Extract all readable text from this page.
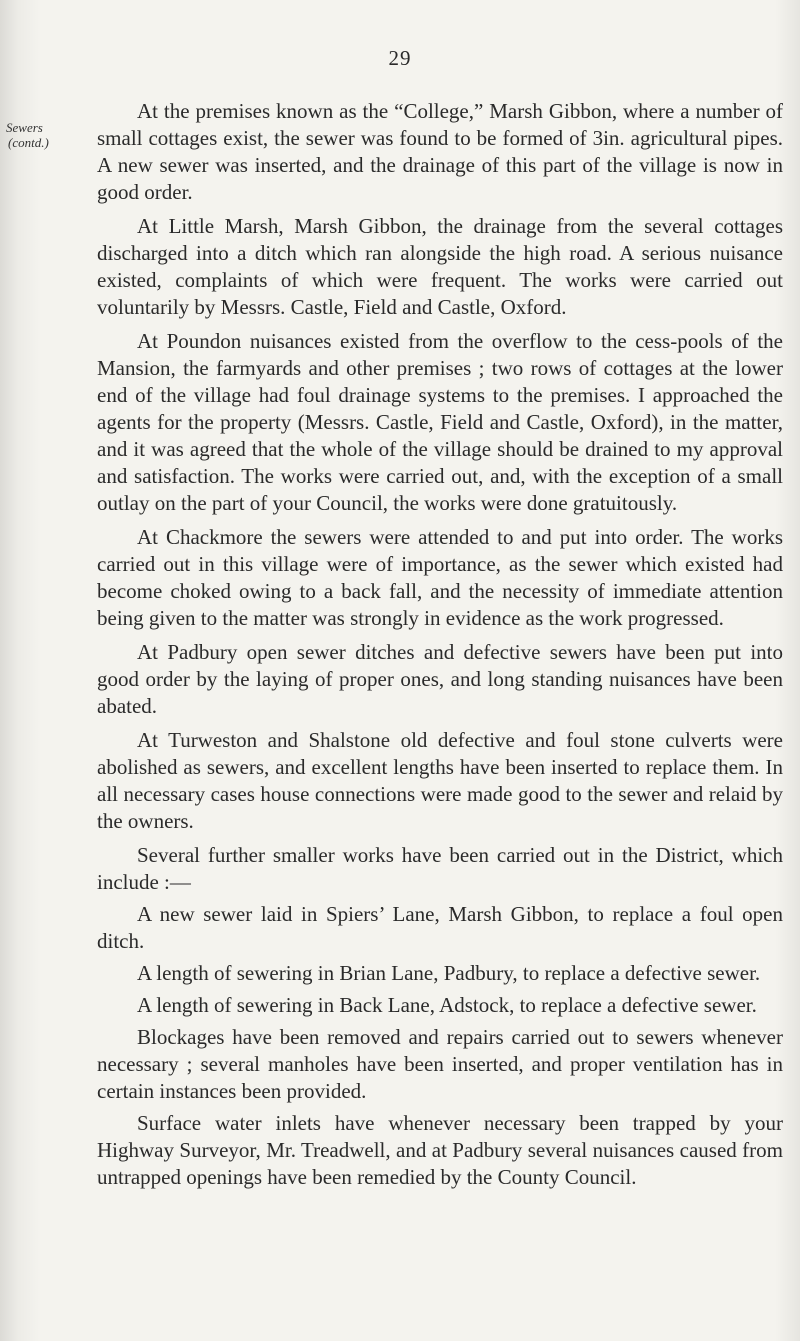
29
Sewers
(contd.)

At the premises known as the “College,” Marsh Gibbon, where a number of small cottages exist, the sewer was found to be formed of 3in. agricultural pipes. A new sewer was inserted, and the drainage of this part of the village is now in good order.

At Little Marsh, Marsh Gibbon, the drainage from the several cottages discharged into a ditch which ran alongside the high road. A serious nuisance existed, complaints of which were frequent. The works were carried out voluntarily by Messrs. Castle, Field and Castle, Oxford.

At Poundon nuisances existed from the overflow to the cess-pools of the Mansion, the farmyards and other premises ; two rows of cottages at the lower end of the village had foul drainage systems to the premises. I approached the agents for the property (Messrs. Castle, Field and Castle, Oxford), in the matter, and it was agreed that the whole of the village should be drained to my approval and satisfaction. The works were carried out, and, with the exception of a small outlay on the part of your Council, the works were done gratuitously.

At Chackmore the sewers were attended to and put into order. The works carried out in this village were of importance, as the sewer which existed had become choked owing to a back fall, and the necessity of immediate attention being given to the matter was strongly in evidence as the work progressed.

At Padbury open sewer ditches and defective sewers have been put into good order by the laying of proper ones, and long standing nuisances have been abated.

At Turweston and Shalstone old defective and foul stone culverts were abolished as sewers, and excellent lengths have been inserted to replace them. In all necessary cases house connections were made good to the sewer and relaid by the owners.

Several further smaller works have been carried out in the District, which include :—

A new sewer laid in Spiers’ Lane, Marsh Gibbon, to replace a foul open ditch.

A length of sewering in Brian Lane, Padbury, to replace a defective sewer.

A length of sewering in Back Lane, Adstock, to replace a defective sewer.

Blockages have been removed and repairs carried out to sewers whenever necessary ; several manholes have been inserted, and proper ventilation has in certain instances been provided.

Surface water inlets have whenever necessary been trapped by your Highway Surveyor, Mr. Treadwell, and at Padbury several nuisances caused from untrapped openings have been remedied by the County Council.
